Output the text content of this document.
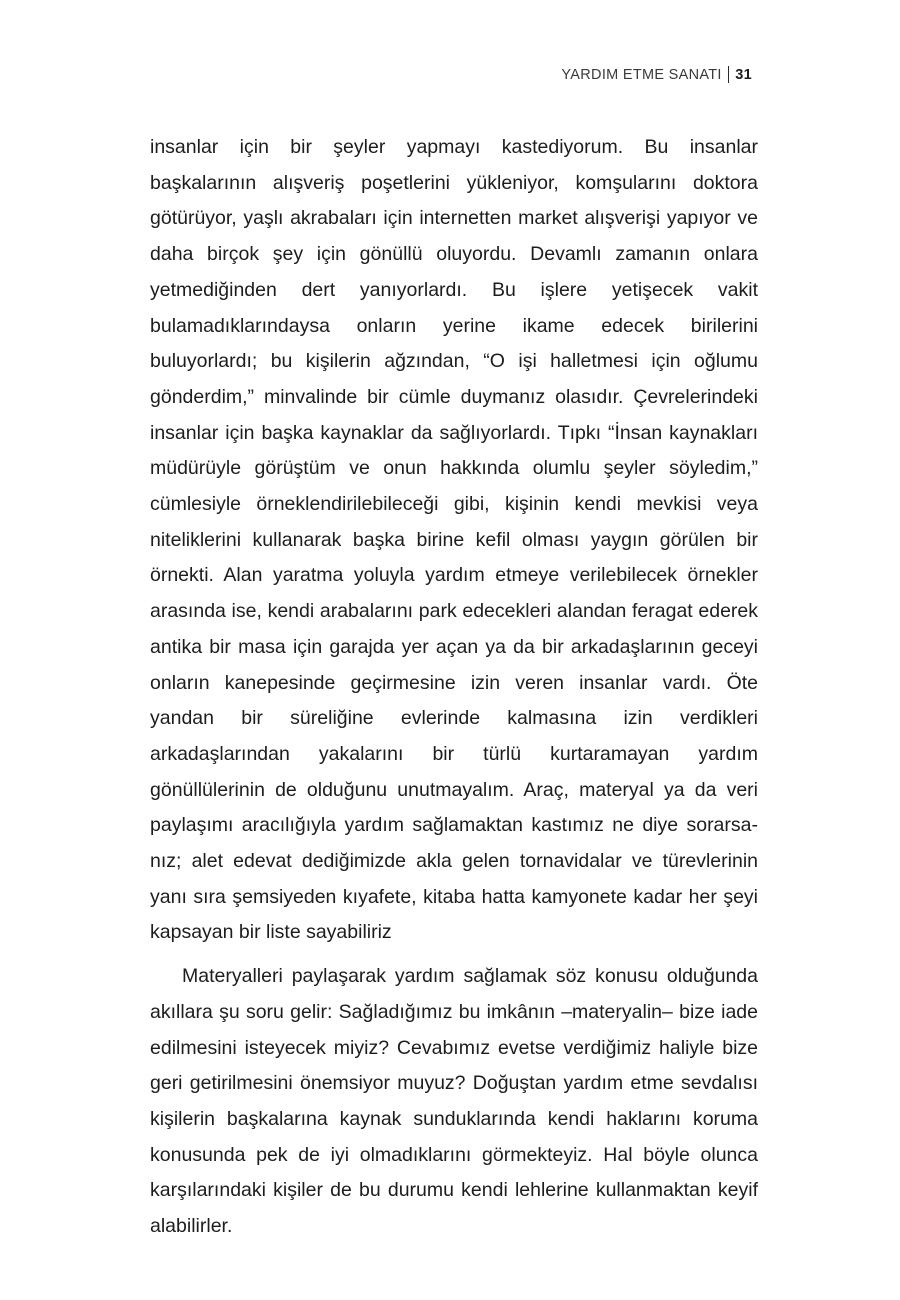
YARDIM ETME SANATI 31

insanlar için bir şeyler yapmayı kastediyorum. Bu insanlar başkalarının alışveriş poşetlerini yükleniyor, komşularını doktora götürüyor, yaşlı akrabaları için internetten market alışverişi yapıyor ve daha birçok şey için gönüllü oluyordu. Devamlı zamanın onlara yetmediğinden dert yanıyorlardı. Bu işlere yetişecek vakit bulamadıklarındaysa onların yerine ikame edecek birilerini buluyorlardı; bu kişilerin ağzından, “O işi halletmesi için oğlumu gönderdim,” minvalinde bir cümle duymanız olasıdır. Çevrelerindeki insanlar için başka kaynaklar da sağlıyorlardı. Tıpkı “İnsan kaynakları müdürüyle görüştüm ve onun hakkında olumlu şeyler söyledim,” cümlesiyle örneklendirilebileceği gibi, kişinin kendi mevkisi veya niteliklerini kullanarak başka birine kefil olması yaygın görülen bir örnekti. Alan yaratma yoluyla yardım etmeye verilebilecek örnekler arasında ise, kendi arabalarını park edecekleri alandan feragat ederek antika bir masa için garajda yer açan ya da bir arkadaşlarının geceyi onların kanepesinde geçirmesine izin veren insanlar vardı. Öte yandan bir süreliğine evlerinde kalmasına izin verdikleri arkadaşlarından yakalarını bir türlü kurtaramayan yardım gönüllülerinin de olduğunu unutmayalım. Araç, materyal ya da veri paylaşımı aracılığıyla yardım sağlamaktan kastımız ne diye sorarsanız; alet edevat dediğimizde akla gelen tornavidalar ve türevlerinin yanı sıra şemsiyeden kıyafete, kitaba hatta kamyonete kadar her şeyi kapsayan bir liste sayabiliriz

Materyalleri paylaşarak yardım sağlamak söz konusu olduğunda akıllara şu soru gelir: Sağladığımız bu imkânın –materyalin– bize iade edilmesini isteyecek miyiz? Cevabımız evetse verdiğimiz haliyle bize geri getirilmesini önemsiyor muyuz? Doğuştan yardım etme sevdalısı kişilerin başkalarına kaynak sunduklarında kendi haklarını koruma konusunda pek de iyi olmadıklarını görmekteyiz. Hal böyle olunca karşılarındaki kişiler de bu durumu kendi lehlerine kullanmaktan keyif alabilirler.
